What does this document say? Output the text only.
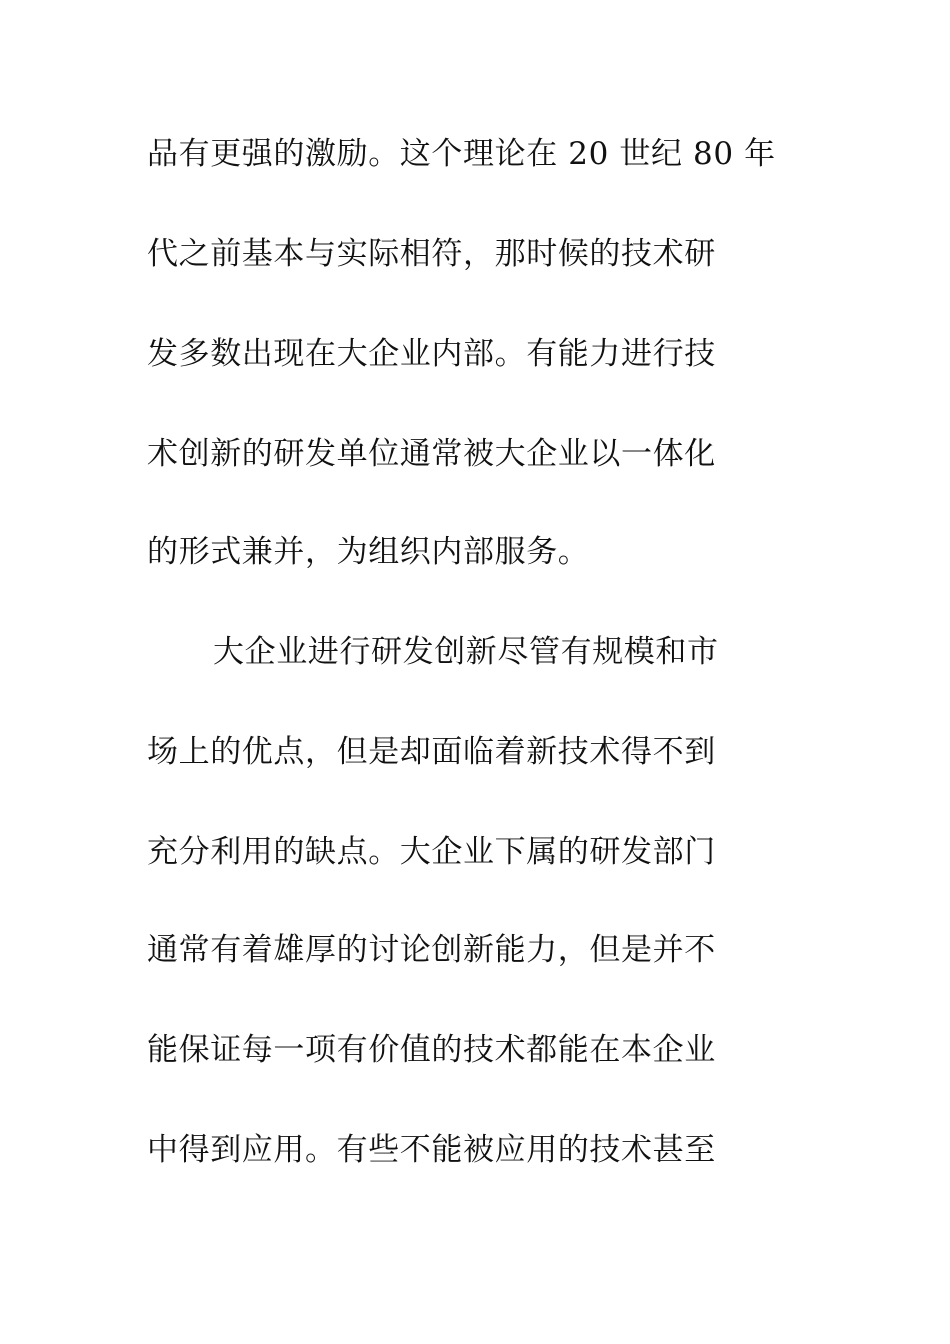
品有更强的激励。这个理论在 20 世纪 80 年
代之前基本与实际相符，那时候的技术研
发多数出现在大企业内部。有能力进行技
术创新的研发单位通常被大企业以一体化
的形式兼并，为组织内部服务。
大企业进行研发创新尽管有规模和市
场上的优点，但是却面临着新技术得不到
充分利用的缺点。大企业下属的研发部门
通常有着雄厚的讨论创新能力，但是并不
能保证每一项有价值的技术都能在本企业
中得到应用。有些不能被应用的技术甚至
